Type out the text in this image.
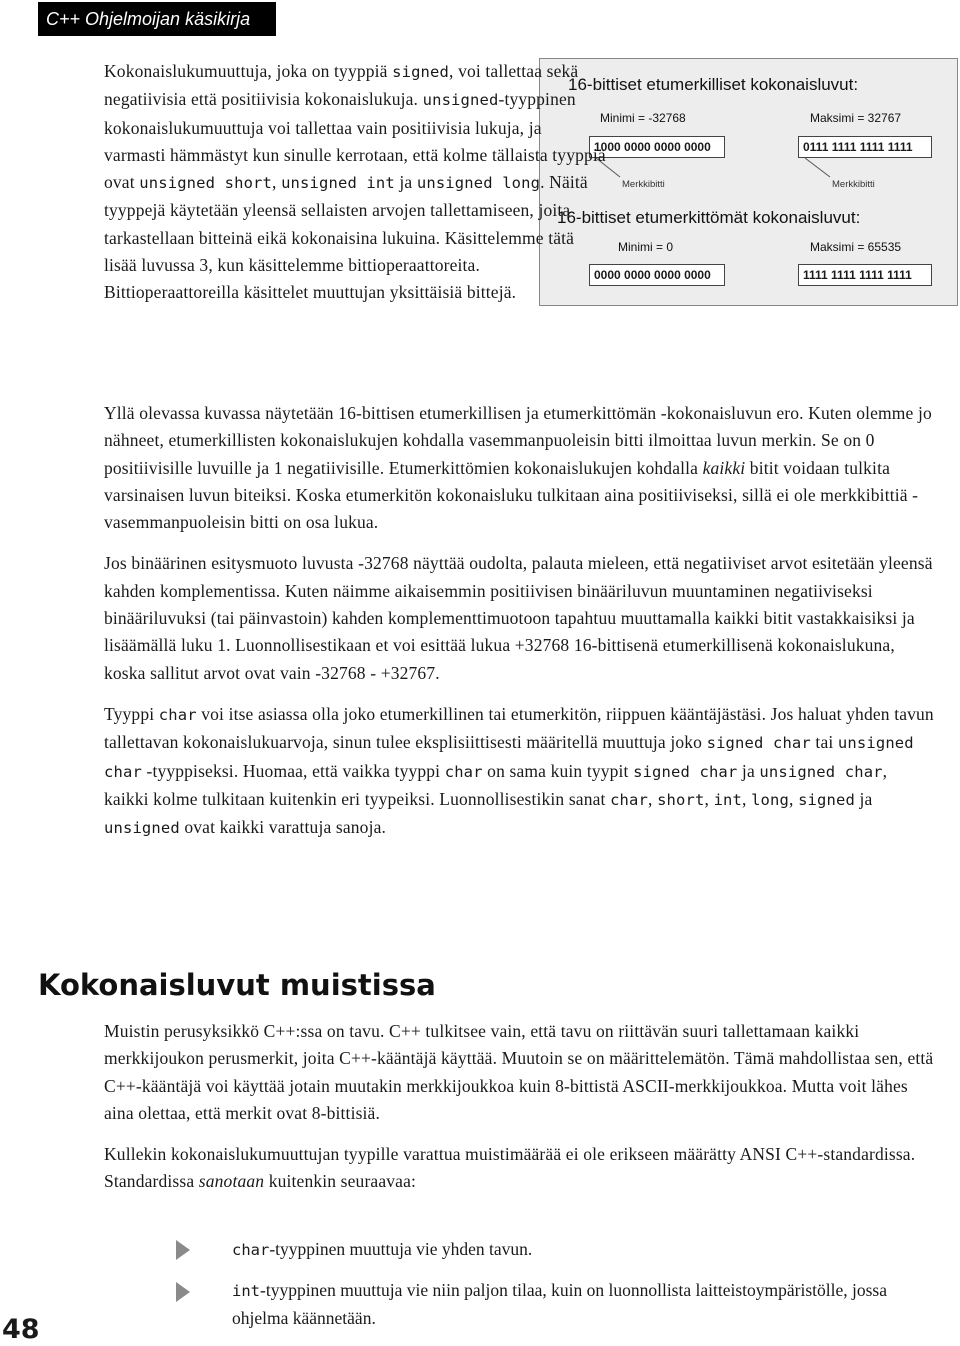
C++ Ohjelmoijan käsikirja
16-bittiset etumerkilliset kokonaisluvut:
Minimi = -32768	Maksimi = 32767
1000 0000 0000 0000	0111 1111 1111 1111
Merkkibitti	Merkkibitti
16-bittiset etumerkittömät kokonaisluvut:
Minimi = 0	Maksimi = 65535
0000 0000 0000 0000	1111 1111 1111 1111

Kokonaislukumuuttuja, joka on tyyppiä signed, voi tallettaa sekä negatiivisia että positiivisia kokonaislukuja. unsigned-tyyppinen kokonaislukumuuttuja voi tallettaa vain positiivisia lukuja, ja varmasti hämmästyt kun sinulle kerrotaan, että kolme tällaista tyyppiä ovat unsigned short, unsigned int ja unsigned long. Näitä tyyppejä käytetään yleensä sellaisten arvojen tallettamiseen, joita tarkastellaan bitteinä eikä kokonaisina lukuina. Käsittelemme tätä lisää luvussa 3, kun käsittelemme bittioperaattoreita. Bittioperaattoreilla käsittelet muuttujan yksittäisiä bittejä.

Yllä olevassa kuvassa näytetään 16-bittisen etumerkillisen ja etumerkittömän -kokonaisluvun ero. Kuten olemme jo nähneet, etumerkillisten kokonaislukujen kohdalla vasemmanpuoleisin bitti ilmoittaa luvun merkin. Se on 0 positiivisille luvuille ja 1 negatiivisille. Etumerkittömien kokonaislukujen kohdalla kaikki bitit voidaan tulkita varsinaisen luvun biteiksi. Koska etumerkitön kokonaisluku tulkitaan aina positiiviseksi, sillä ei ole merkkibittiä - vasemmanpuoleisin bitti on osa lukua.

Jos binäärinen esitysmuoto luvusta -32768 näyttää oudolta, palauta mieleen, että negatiiviset arvot esitetään yleensä kahden komplementissa. Kuten näimme aikaisemmin positiivisen binääriluvun muuntaminen negatiiviseksi binääriluvuksi (tai päinvastoin) kahden komplementtimuotoon tapahtuu muuttamalla kaikki bitit vastakkaisiksi ja lisäämällä luku 1. Luonnollisestikaan et voi esittää lukua +32768 16-bittisenä etumerkillisenä kokonaislukuna, koska sallitut arvot ovat vain -32768 - +32767.

Tyyppi char voi itse asiassa olla joko etumerkillinen tai etumerkitön, riippuen kääntäjästäsi. Jos haluat yhden tavun tallettavan kokonaislukuarvoja, sinun tulee eksplisiittisesti määritellä muuttuja joko signed char tai unsigned char -tyyppiseksi. Huomaa, että vaikka tyyppi char on sama kuin tyypit signed char ja unsigned char, kaikki kolme tulkitaan kuitenkin eri tyypeiksi. Luonnollisestikin sanat char, short, int, long, signed ja unsigned ovat kaikki varattuja sanoja.

Kokonaisluvut muistissa

Muistin perusyksikkö C++:ssa on tavu. C++ tulkitsee vain, että tavu on riittävän suuri tallettamaan kaikki merkkijoukon perusmerkit, joita C++-kääntäjä käyttää. Muutoin se on määrittelemätön. Tämä mahdollistaa sen, että C++-kääntäjä voi käyttää jotain muutakin merkkijoukkoa kuin 8-bittistä ASCII-merkkijoukkoa. Mutta voit lähes aina olettaa, että merkit ovat 8-bittisiä.

Kullekin kokonaislukumuuttujan tyypille varattua muistimäärää ei ole erikseen määrätty ANSI C++-standardissa. Standardissa sanotaan kuitenkin seuraavaa:

char-tyyppinen muuttuja vie yhden tavun.
int-tyyppinen muuttuja vie niin paljon tilaa, kuin on luonnollista laitteistoympäristölle, jossa ohjelma käännetään.
48
